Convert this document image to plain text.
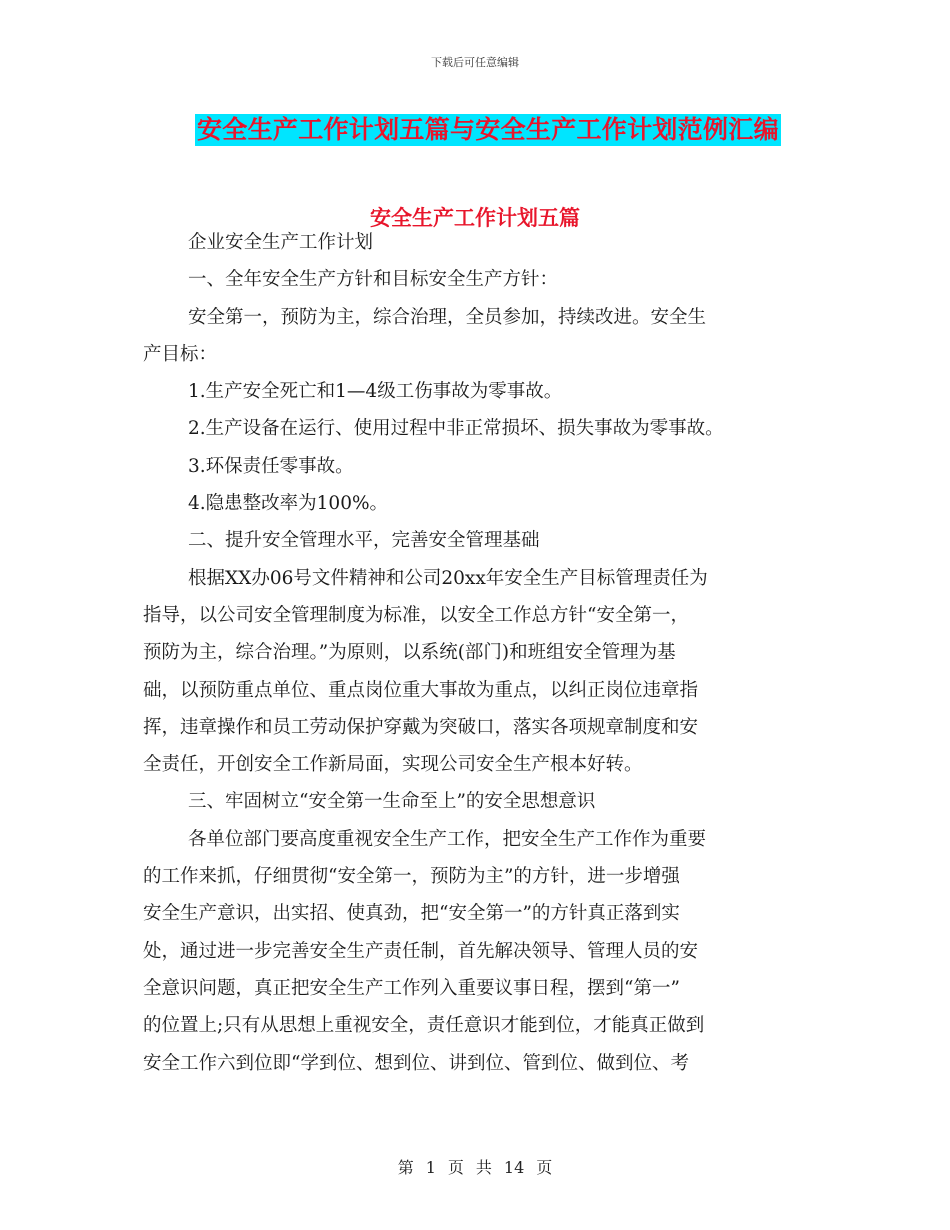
下载后可任意编辑
安全生产工作计划五篇与安全生产工作计划范例汇编
安全生产工作计划五篇

企业安全生产工作计划

一、全年安全生产方针和目标安全生产方针：

安全第一，预防为主，综合治理，全员参加，持续改进。安全生

产目标：

1.生产安全死亡和1—4级工伤事故为零事故。

2.生产设备在运行、使用过程中非正常损坏、损失事故为零事故。

3.环保责任零事故。

4.隐患整改率为100%。

二、提升安全管理水平，完善安全管理基础

根据XX办06号文件精神和公司20xx年安全生产目标管理责任为

指导，以公司安全管理制度为标准，以安全工作总方针“安全第一，

预防为主，综合治理。”为原则，以系统(部门)和班组安全管理为基

础，以预防重点单位、重点岗位重大事故为重点，以纠正岗位违章指

挥，违章操作和员工劳动保护穿戴为突破口，落实各项规章制度和安

全责任，开创安全工作新局面，实现公司安全生产根本好转。

三、牢固树立“安全第一生命至上”的安全思想意识

各单位部门要高度重视安全生产工作，把安全生产工作作为重要

的工作来抓，仔细贯彻“安全第一，预防为主”的方针，进一步增强

安全生产意识，出实招、使真劲，把“安全第一”的方针真正落到实

处，通过进一步完善安全生产责任制，首先解决领导、管理人员的安

全意识问题，真正把安全生产工作列入重要议事日程，摆到“第一”

的位置上;只有从思想上重视安全，责任意识才能到位，才能真正做到

安全工作六到位即“学到位、想到位、讲到位、管到位、做到位、考

第 1 页 共 14 页
